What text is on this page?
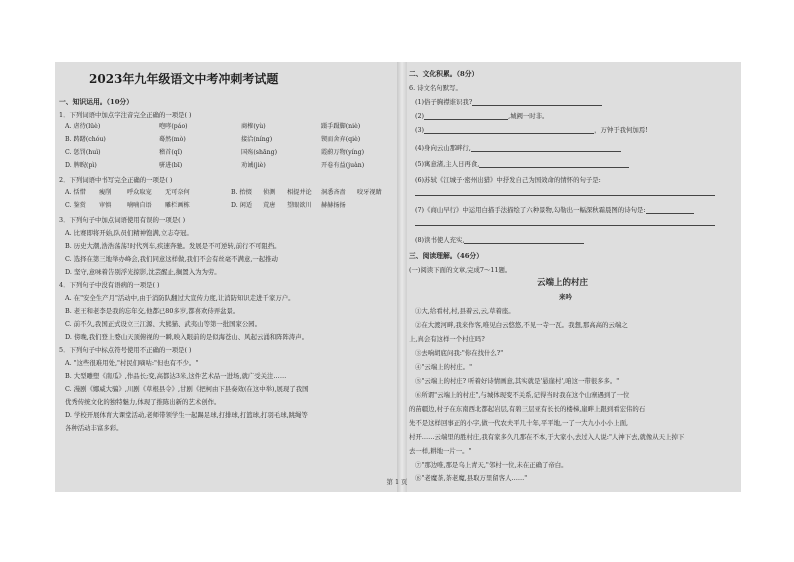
2023年九年级语文中考冲刺考试题
一、知识运用。（10分）
1．下列词语中加点字注音完全正确的一项是( )
A. 虐待(lüè)	咆哮(páo)	商榷(yù)	蹑手蹑脚(niè)
B. 踌躇(chóu)	蓦然(mò)	接洽(níng)	锲而舍弃(qiè)
C. 惩罚(huì)	稽首(qǐ)	国殇(shāng)	霞蔚万物(yíng)
D. 脾睨(pì)	骈进(bī)	劝诫(jiè)	开卷有益(juàn)
2．下列词语中书写完全正确的一项是( )
A. 恬惜 瘦削	呼众取宠 无可奈何	B. 抬掇 侦测 相提并论 洞悉吝啬 咬牙视睛
C. 鉴赏 审慎	喃喃自语 雕栏画栋	D. 闲适 荒唐 望眼欲川 赫赫扬扬
3．下列句子中加点词语使用有误的一项是( )
A. 比赛即将开始,队员们精神饱满,立志夺冠。
B. 历史大潮,浩浩荡荡!时代列车,疾速奔驰。发展是不可逆转,前行不可阻挡。
C. 选择在第三地举办峰会,我们同意这样做,我们不会有丝毫不满意,一起推动
D. 坚守,意味着告别浮光掠影,沈芸醒止,搁置入为为劳。
4．下列句子中没有语病的一项是( )
A. 在"安全生产月"活动中,由于消防队翻过大宣传力度,让消防知识走进千家万户。
B. 老王和老李是我的忘年交,他都已80多岁,都喜欢侍弄盆景。
C. 前不久,我国正式设立三江源、大熊猫、武夷山等第一批国家公园。
D. 傍晚,我们登上婺山天顶俯视的一瞬,映入眼前的是似海苍山、风起云涌和阵阵涛声。
5．下列句子中标点符号使用不正确的一项是( )
A. "这些很难用处,"村民们嘀咕:"但也有不少。"
B. 大型雕塑《南瓜》,作品长;变,高都达3米,这件艺术品一进场,就广受关注……
C. 漫剧《娜威大骗》,川剧《草根县令》,甘剧《把柯由下县奏效(在这中举),展现了我国
优秀传统文化的独特魅力,体现了推陈出新的艺术创作。
D. 学校开展体育大课堂活动,老师带领学生一起踢足球,打排球,打篮球,打羽毛球,跳绳等
各种活动丰富多彩。
二、文化积累。（8分）
6. 诗文名句默写。
(1)俗子胸襟谁识我?
(2)	,城阙一时非。
(3)	，万钟于我何加焉!
(4)身向云山那畔行,
(5)寓意渚,主人日再食,
(6)苏轼《江城子·密州出猎》中抒发自己为国效命的情怀的句子是:
(7)《商山早行》中运用白描手法描绘了六种景物,勾勒出一幅深秋霜晨图的诗句是:
(8)读书使人充实,
三、阅读理解。（46分）
(一)阅读下面的文章,完成7～11题。
云端上的村庄
来吟
①大,给看村,村,县着云,云,草着座。
②在大渡河畔,我来作客,唯见白云悠悠,不见一寺一瓦。我想,那高高的云端之
上,真会有这样一个村庄吗?
③去响胡底问我:"你在找什么?"
④"云端上的村庄。"
⑤"云端上的村庄? 听着好诗情画意,其实就是'悬崖村',咱这一带很多多。"
⑥所谓"云端上的村庄",与城体现变不关系,记得当时我在这个山寨遇到了一位
的苗疆边,村子在东南西北都起岩层,有碧三层亚有长长的楼梯,崖畔上跟到看宏伟的石
先不是这样回事正的小字,做一代农夫平几十年,平平地,一了一大九小小小上面,
村开……云端里的胜村庄,我有家多久几那在不本,于大家小,去过入人说:"人神下去,就像从天上掉下
去一样,耕地一片一。"
⑦"那边唯,那是乌上青天,"邻村一位,未在正确了帝白。
⑧"老魔茶,茶老魔,县取万里留客人……"
第 1 页
